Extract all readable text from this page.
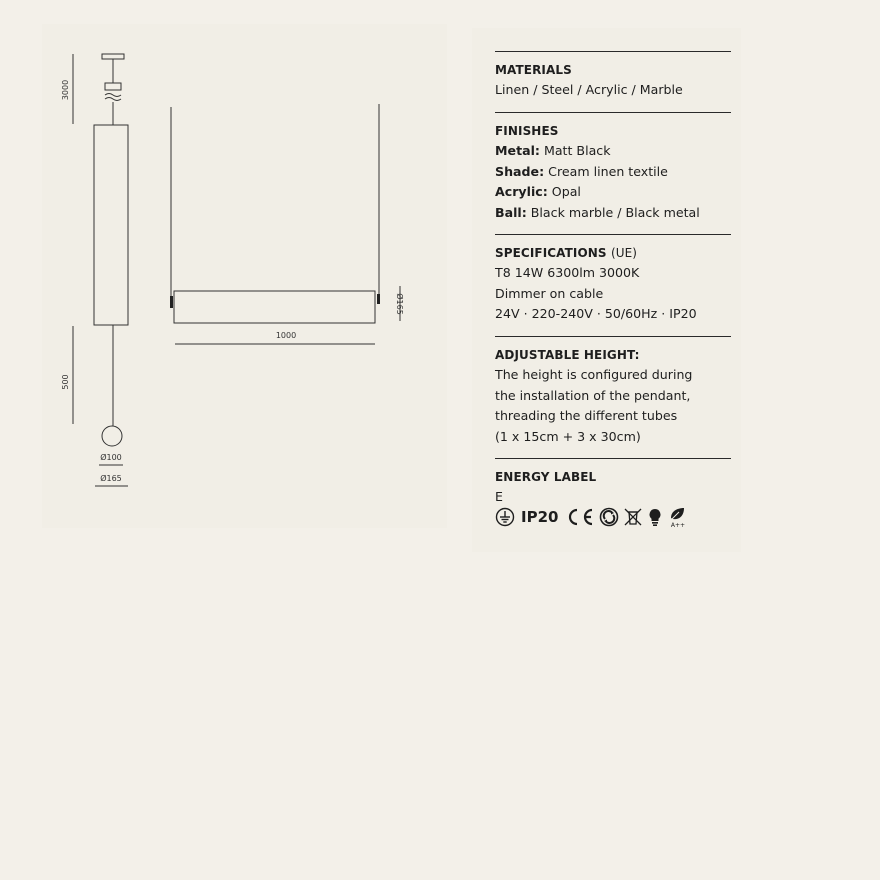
3000
500
Ø100
Ø165
1000
Ø165
MATERIALS
Linen / Steel / Acrylic / Marble
FINISHES
Metal: Matt Black
Shade: Cream linen textile
Acrylic: Opal
Ball: Black marble / Black metal
SPECIFICATIONS (UE)
T8 14W 6300lm 3000K
Dimmer on cable
24V · 220-240V · 50/60Hz · IP20
ADJUSTABLE HEIGHT:
The height is configured during
the installation of the pendant,
threading the different tubes
(1 x 15cm + 3 x 30cm)
ENERGY LABEL
E
IP20	A++
